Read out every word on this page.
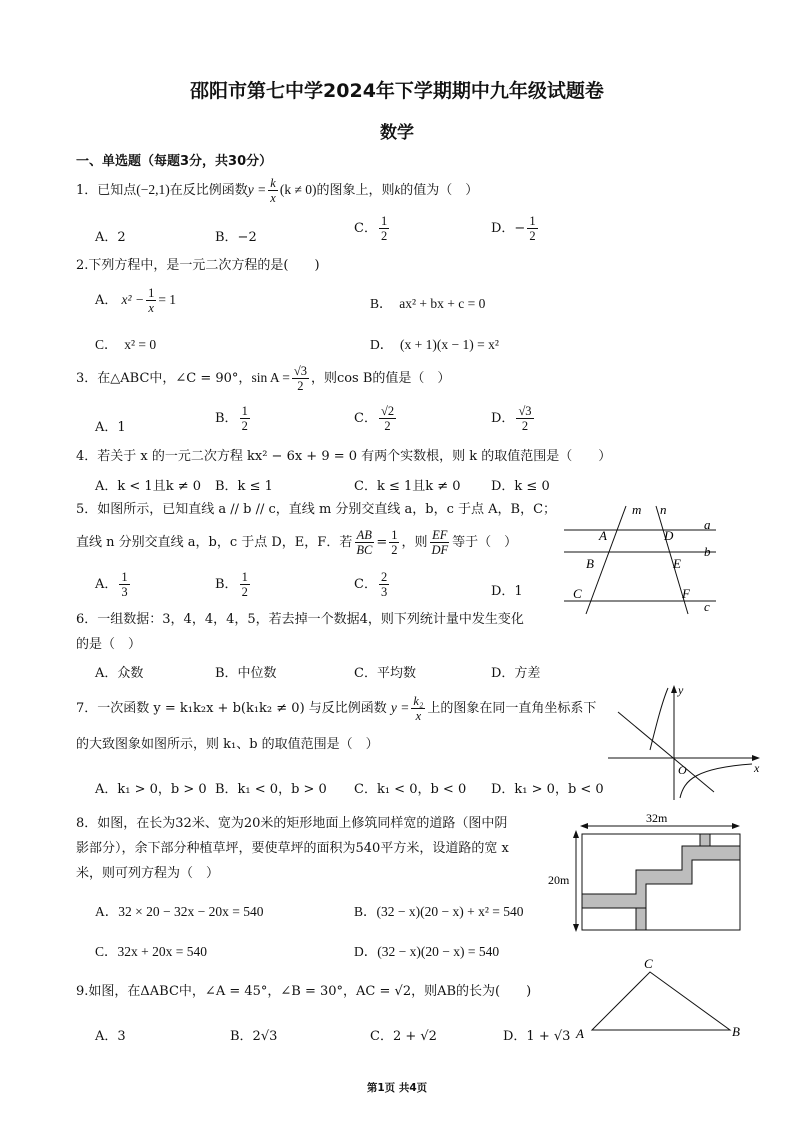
邵阳市第七中学2024年下学期期中九年级试题卷
数学
一、单选题（每题3分，共30分）
1．已知点(−2,1)在反比例函数$y = \frac{k}{x} (k \ne 0)$的图象上，则k的值为（　）
A．2	B．−2
C． $\frac{1}{2}$	D．− $\frac{1}{2}$
2.下列方程中，是一元二次方程的是(　　)
A． $x^2 - \frac{1}{x} = 1$	B．　ax² + bx + c = 0
C．　x² = 0	D．　(x + 1)(x − 1) = x²
3．在△ABC中，∠C = 90°，$\sin A = \frac{√3}{2}$ ，则cos B的值是（　）
A．1
B． $\frac{1}{2}$	C． $\frac{√2}{2}$	D． $\frac{√3}{2}$
4．若关于 x 的一元二次方程 kx² − 6x + 9 = 0 有两个实数根，则 k 的取值范围是（　　）
A．k < 1且k ≠ 0 B．k ≤ 1	C．k ≤ 1且k ≠ 0 D．k ≤ 0
5．如图所示，已知直线 a // b // c，直线 m 分别交直线 a，b，c 于点 A，B，C；
直线 n 分别交直线 a，b，c 于点 D，E，F．若 $\frac{AB}{BC} = \frac{1}{2}$ ，则 $\frac{EF}{DF}$ 等于（　）
A． $\frac{1}{3}$	B． $\frac{1}{2}$	C． $\frac{2}{3}$	D．1
m n
a
b
c
A
B
C
D
E
F
6．一组数据：3，4，4，4，5，若去掉一个数据4，则下列统计量中发生变化
的是（　）
A．众数	B．中位数	C．平均数	D．方差
7．一次函数 y = k₁k₂x + b(k₁k₂ ≠ 0) 与反比例函数 $y = \frac{\text{k₂}}{x}$ 上的图象在同一直角坐标系下
的大致图象如图所示，则 k₁、b 的取值范围是（　）
A．k₁ > 0，b > 0 B．k₁ < 0，b > 0 C．k₁ < 0，b < 0 D．k₁ > 0，b < 0
y
x
O
8．如图，在长为32米、宽为20米的矩形地面上修筑同样宽的道路（图中阴
影部分），余下部分种植草坪，要使草坪的面积为540平方米，设道路的宽 x
米，则可列方程为（　）
A．32 × 20 − 32x − 20x = 540	B．(32 − x)(20 − x) + x² = 540
C．32x + 20x = 540	D．(32 − x)(20 − x) = 540
32m
20m
9.如图，在ΔABC中，∠A = 45°，∠B = 30°，AC = √2，则AB的长为(　　)
A．3	B．2√3	C．2 + √2	D．1 + √3
C
A	B
第1页 共4页
